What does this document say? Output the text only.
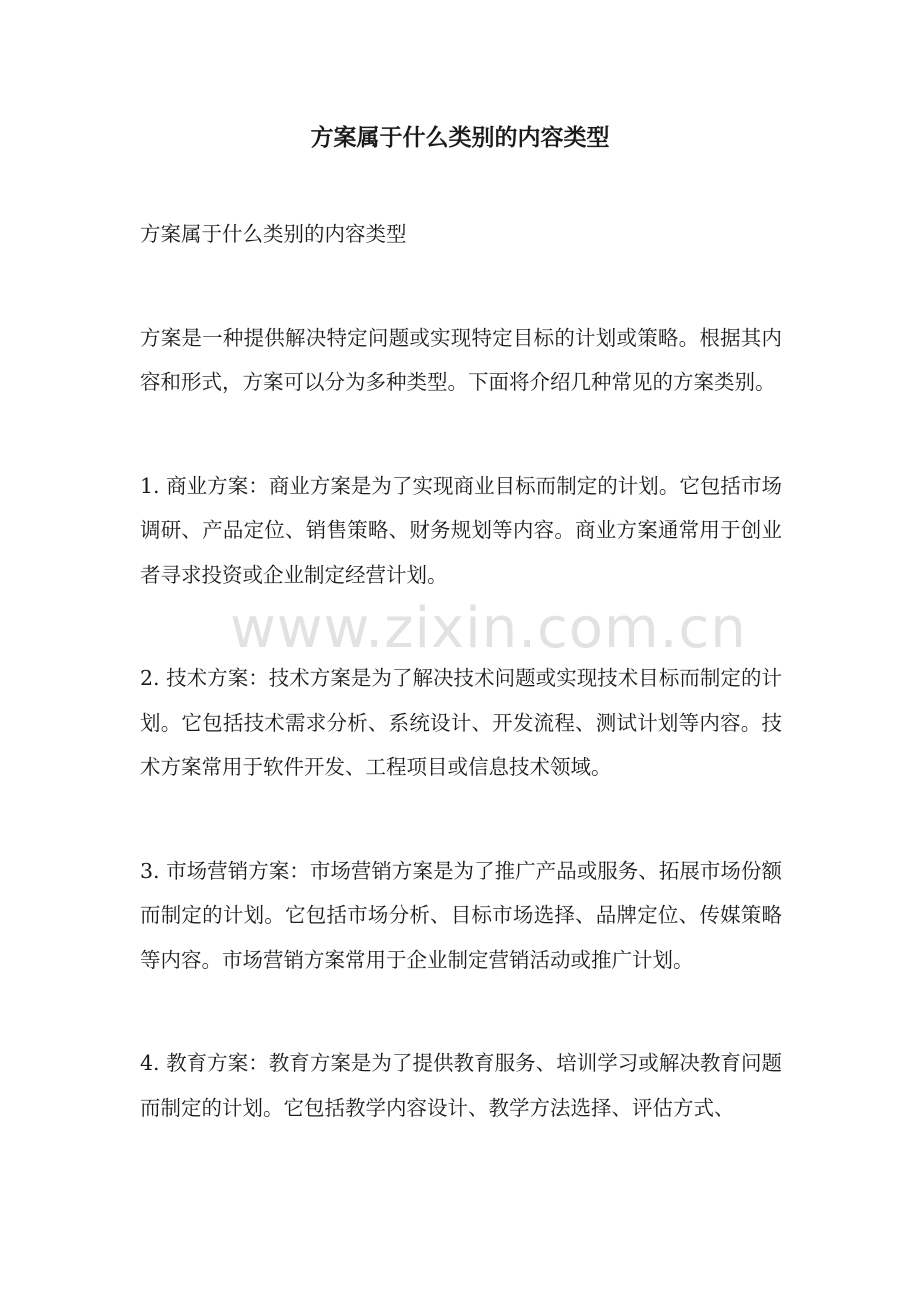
方案属于什么类别的内容类型

方案属于什么类别的内容类型

方案是一种提供解决特定问题或实现特定目标的计划或策略。根据其内容和形式，方案可以分为多种类型。下面将介绍几种常见的方案类别。

1. 商业方案：商业方案是为了实现商业目标而制定的计划。它包括市场调研、产品定位、销售策略、财务规划等内容。商业方案通常用于创业者寻求投资或企业制定经营计划。

2. 技术方案：技术方案是为了解决技术问题或实现技术目标而制定的计划。它包括技术需求分析、系统设计、开发流程、测试计划等内容。技术方案常用于软件开发、工程项目或信息技术领域。

3. 市场营销方案：市场营销方案是为了推广产品或服务、拓展市场份额而制定的计划。它包括市场分析、目标市场选择、品牌定位、传媒策略等内容。市场营销方案常用于企业制定营销活动或推广计划。

4. 教育方案：教育方案是为了提供教育服务、培训学习或解决教育问题而制定的计划。它包括教学内容设计、教学方法选择、评估方式、

www.zixin.com.cn
